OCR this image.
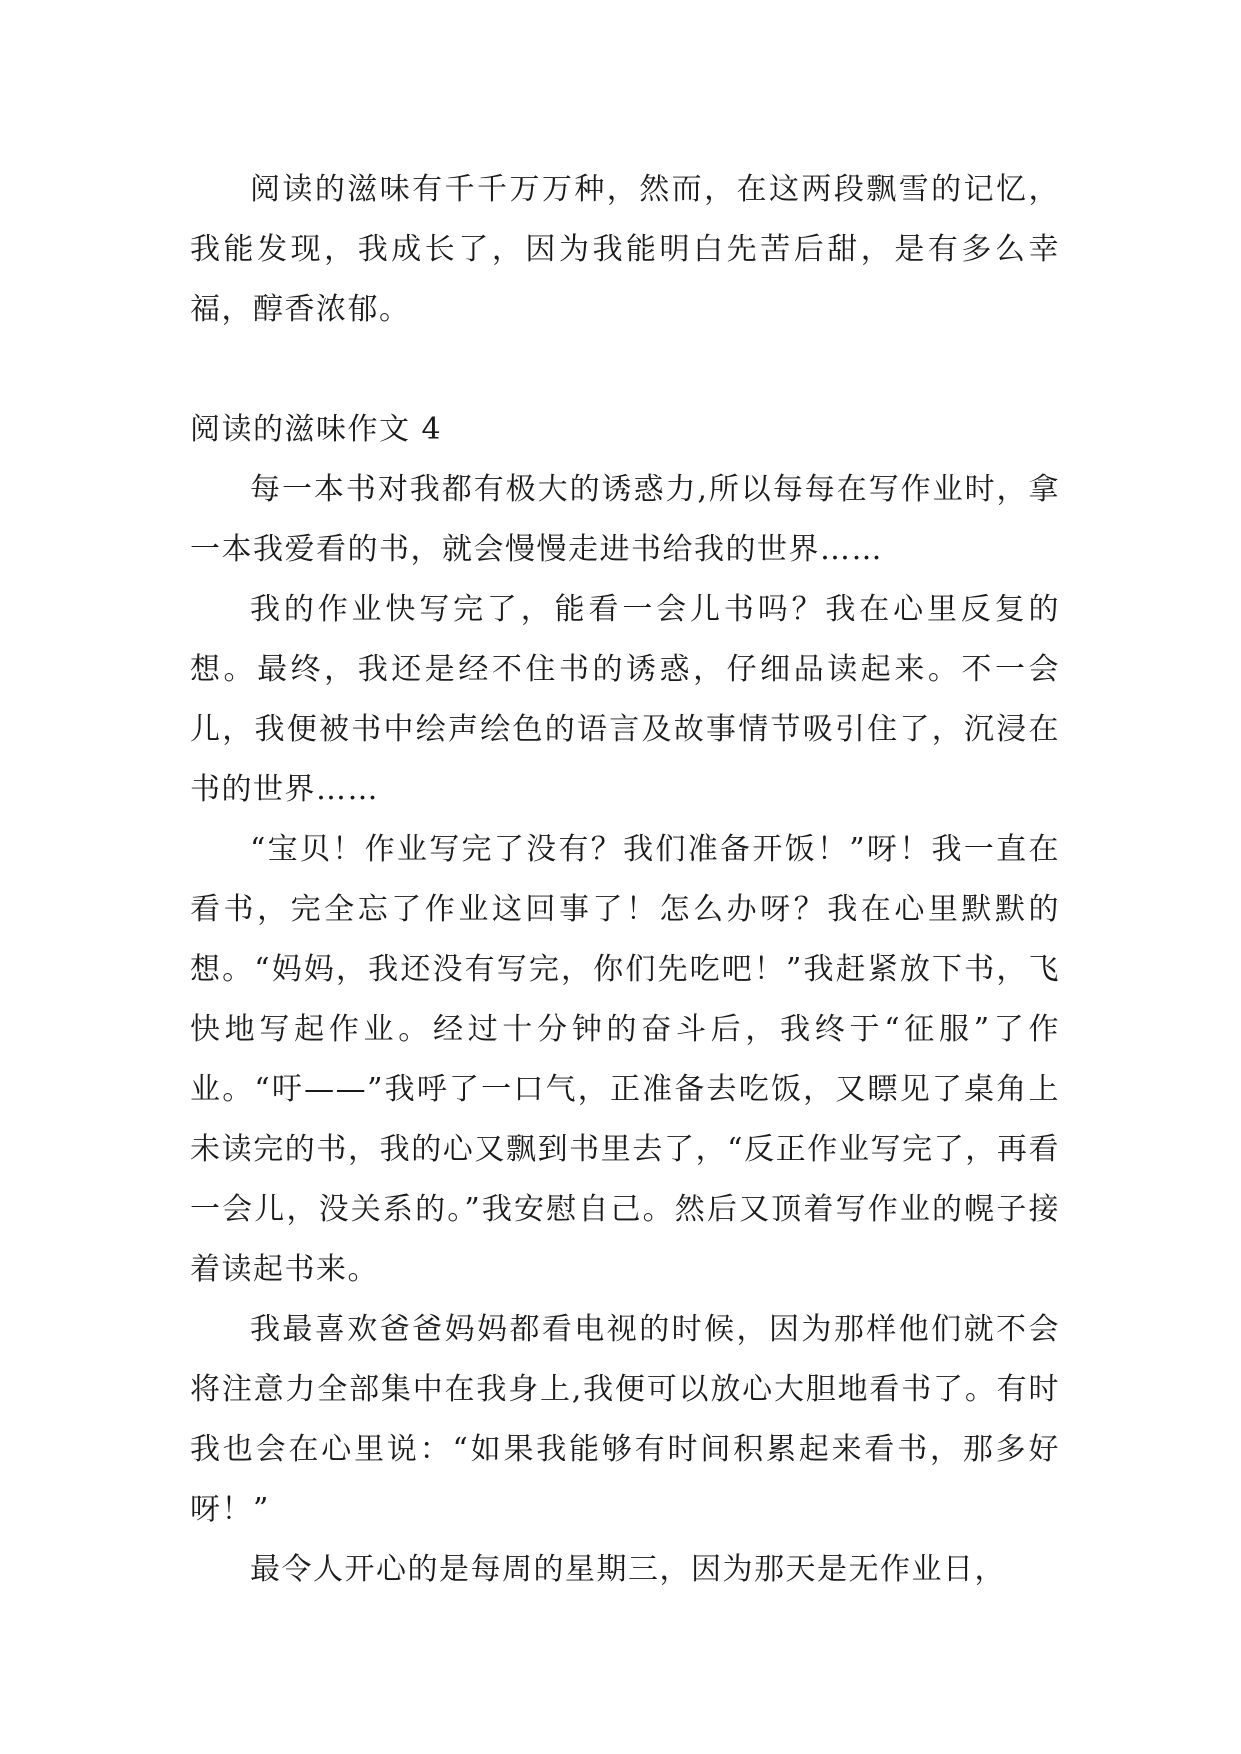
阅读的滋味有千千万万种，然而，在这两段飘雪的记忆，我能发现，我成长了，因为我能明白先苦后甜，是有多么幸福，醇香浓郁。

阅读的滋味作文 4

每一本书对我都有极大的诱惑力,所以每每在写作业时，拿一本我爱看的书，就会慢慢走进书给我的世界……

我的作业快写完了，能看一会儿书吗？我在心里反复的想。最终，我还是经不住书的诱惑，仔细品读起来。不一会儿，我便被书中绘声绘色的语言及故事情节吸引住了，沉浸在书的世界……

“宝贝！作业写完了没有？我们准备开饭！”呀！我一直在看书，完全忘了作业这回事了！怎么办呀？我在心里默默的想。“妈妈，我还没有写完，你们先吃吧！”我赶紧放下书，飞快地写起作业。经过十分钟的奋斗后，我终于“征服”了作业。“吁——”我呼了一口气，正准备去吃饭，又瞟见了桌角上未读完的书，我的心又飘到书里去了，“反正作业写完了，再看一会儿，没关系的。”我安慰自己。然后又顶着写作业的幌子接着读起书来。

我最喜欢爸爸妈妈都看电视的时候，因为那样他们就不会将注意力全部集中在我身上,我便可以放心大胆地看书了。有时我也会在心里说：“如果我能够有时间积累起来看书，那多好呀！”

最令人开心的是每周的星期三，因为那天是无作业日，
